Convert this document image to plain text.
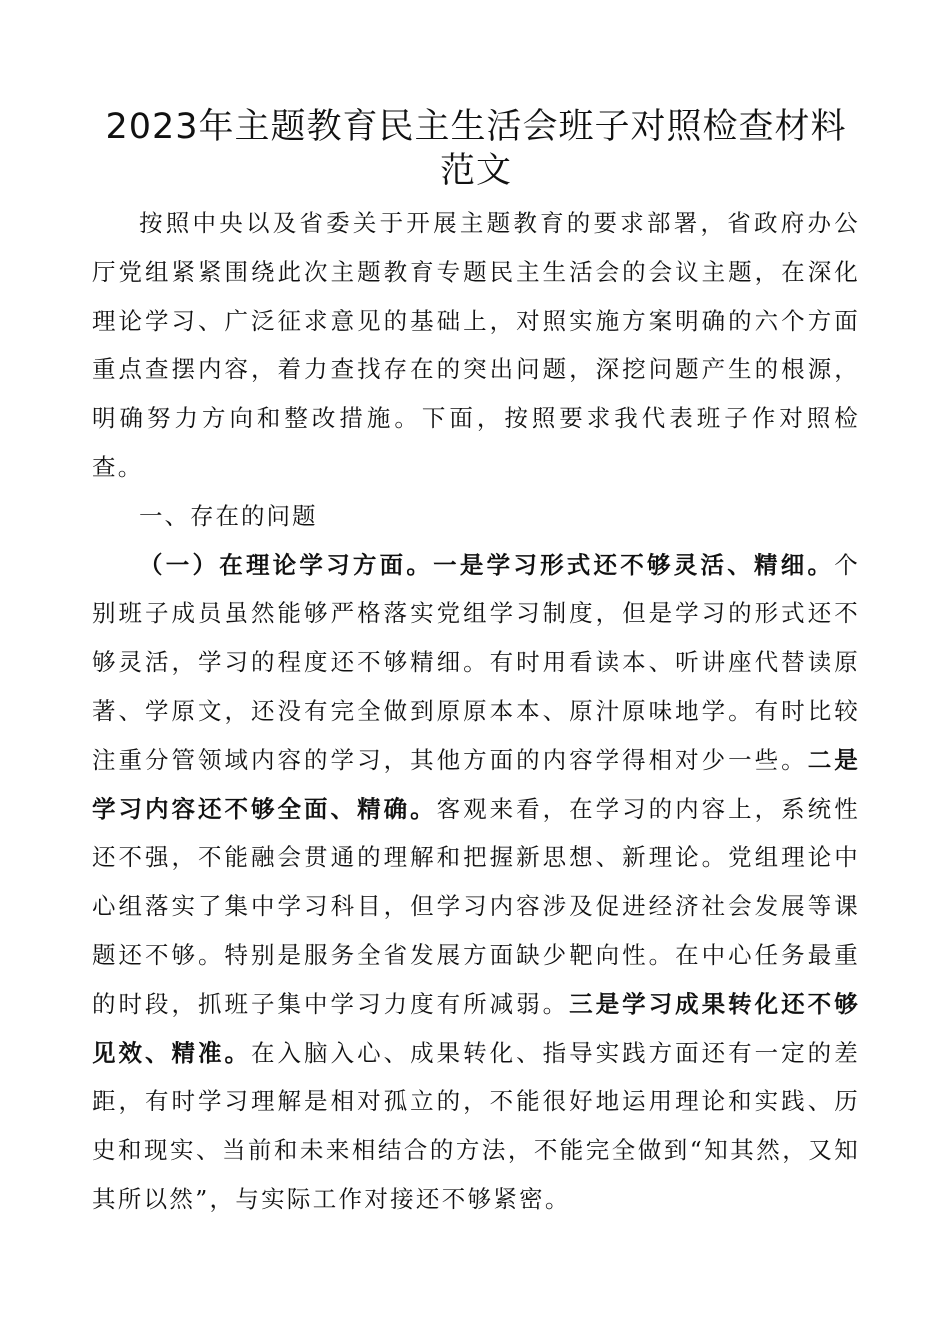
2023年主题教育民主生活会班子对照检查材料范文

按照中央以及省委关于开展主题教育的要求部署，省政府办公厅党组紧紧围绕此次主题教育专题民主生活会的会议主题，在深化理论学习、广泛征求意见的基础上，对照实施方案明确的六个方面重点查摆内容，着力查找存在的突出问题，深挖问题产生的根源，明确努力方向和整改措施。下面，按照要求我代表班子作对照检查。

一、存在的问题

（一）在理论学习方面。一是学习形式还不够灵活、精细。个别班子成员虽然能够严格落实党组学习制度，但是学习的形式还不够灵活，学习的程度还不够精细。有时用看读本、听讲座代替读原著、学原文，还没有完全做到原原本本、原汁原味地学。有时比较注重分管领域内容的学习，其他方面的内容学得相对少一些。二是学习内容还不够全面、精确。客观来看，在学习的内容上，系统性还不强，不能融会贯通的理解和把握新思想、新理论。党组理论中心组落实了集中学习科目，但学习内容涉及促进经济社会发展等课题还不够。特别是服务全省发展方面缺少靶向性。在中心任务最重的时段，抓班子集中学习力度有所减弱。三是学习成果转化还不够见效、精准。在入脑入心、成果转化、指导实践方面还有一定的差距，有时学习理解是相对孤立的，不能很好地运用理论和实践、历史和现实、当前和未来相结合的方法，不能完全做到“知其然，又知其所以然”，与实际工作对接还不够紧密。
